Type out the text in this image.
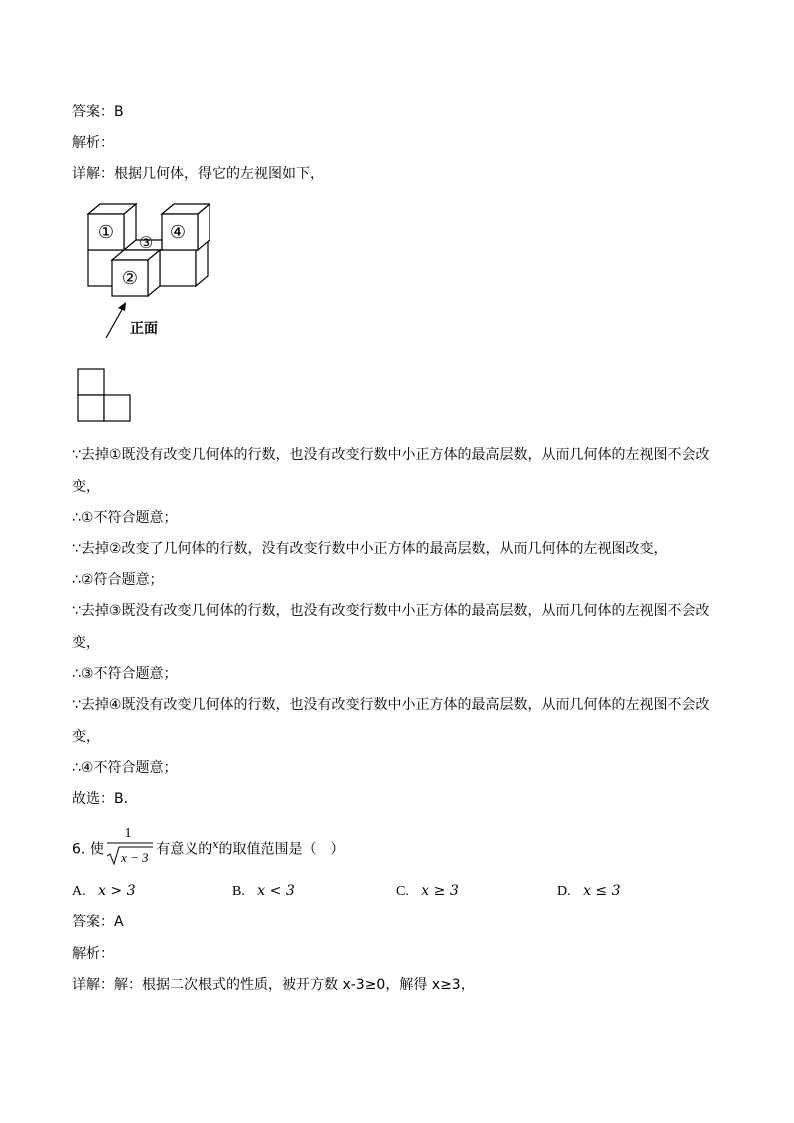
答案：B
解析：
详解：根据几何体，得它的左视图如下，
①
②
③ ④
正面
∵去掉①既没有改变几何体的行数，也没有改变行数中小正方体的最高层数，从而几何体的左视图不会改
变，
∴①不符合题意；
∵去掉②改变了几何体的行数，没有改变行数中小正方体的最高层数，从而几何体的左视图改变，
∴②符合题意；
∵去掉③既没有改变几何体的行数，也没有改变行数中小正方体的最高层数，从而几何体的左视图不会改
变，
∴③不符合题意；
∵去掉④既没有改变几何体的行数，也没有改变行数中小正方体的最高层数，从而几何体的左视图不会改
变，
∴④不符合题意；
故选：B．
6. 使	有意义的$^x$的取值范围是（　）
1
x − 3
A. x > 3	B. x < 3	C. x ≥ 3	D. x ≤ 3
答案：A
解析：
详解：解：根据二次根式的性质，被开方数 x-3≥0，解得 x≥3，
